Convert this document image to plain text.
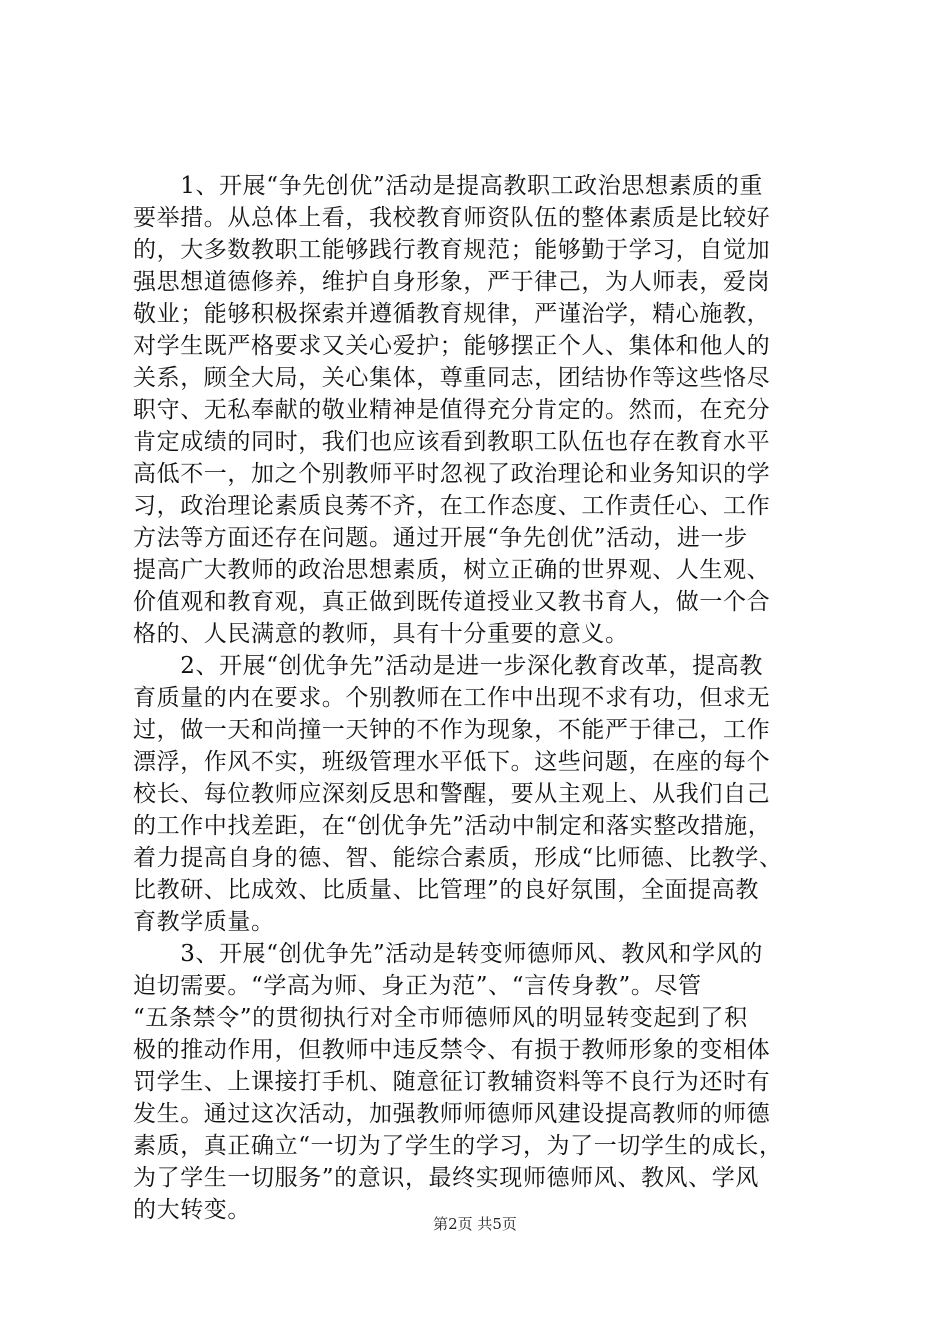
　　1、开展“争先创优”活动是提高教职工政治思想素质的重
要举措。从总体上看，我校教育师资队伍的整体素质是比较好
的，大多数教职工能够践行教育规范；能够勤于学习，自觉加
强思想道德修养，维护自身形象，严于律己，为人师表，爱岗
敬业；能够积极探索并遵循教育规律，严谨治学，精心施教，
对学生既严格要求又关心爱护；能够摆正个人、集体和他人的
关系，顾全大局，关心集体，尊重同志，团结协作等这些恪尽
职守、无私奉献的敬业精神是值得充分肯定的。然而，在充分
肯定成绩的同时，我们也应该看到教职工队伍也存在教育水平
高低不一，加之个别教师平时忽视了政治理论和业务知识的学
习，政治理论素质良莠不齐，在工作态度、工作责任心、工作
方法等方面还存在问题。通过开展“争先创优”活动，进一步
提高广大教师的政治思想素质，树立正确的世界观、人生观、
价值观和教育观，真正做到既传道授业又教书育人，做一个合
格的、人民满意的教师，具有十分重要的意义。
　　2、开展“创优争先”活动是进一步深化教育改革，提高教
育质量的内在要求。个别教师在工作中出现不求有功，但求无
过，做一天和尚撞一天钟的不作为现象，不能严于律己，工作
漂浮，作风不实，班级管理水平低下。这些问题，在座的每个
校长、每位教师应深刻反思和警醒，要从主观上、从我们自己
的工作中找差距，在“创优争先”活动中制定和落实整改措施，
着力提高自身的德、智、能综合素质，形成“比师德、比教学、
比教研、比成效、比质量、比管理”的良好氛围，全面提高教
育教学质量。
　　3、开展“创优争先”活动是转变师德师风、教风和学风的
迫切需要。“学高为师、身正为范”、“言传身教”。尽管
“五条禁令”的贯彻执行对全市师德师风的明显转变起到了积
极的推动作用，但教师中违反禁令、有损于教师形象的变相体
罚学生、上课接打手机、随意征订教辅资料等不良行为还时有
发生。通过这次活动，加强教师师德师风建设提高教师的师德
素质，真正确立“一切为了学生的学习，为了一切学生的成长，
为了学生一切服务”的意识，最终实现师德师风、教风、学风
的大转变。
第2页 共5页
